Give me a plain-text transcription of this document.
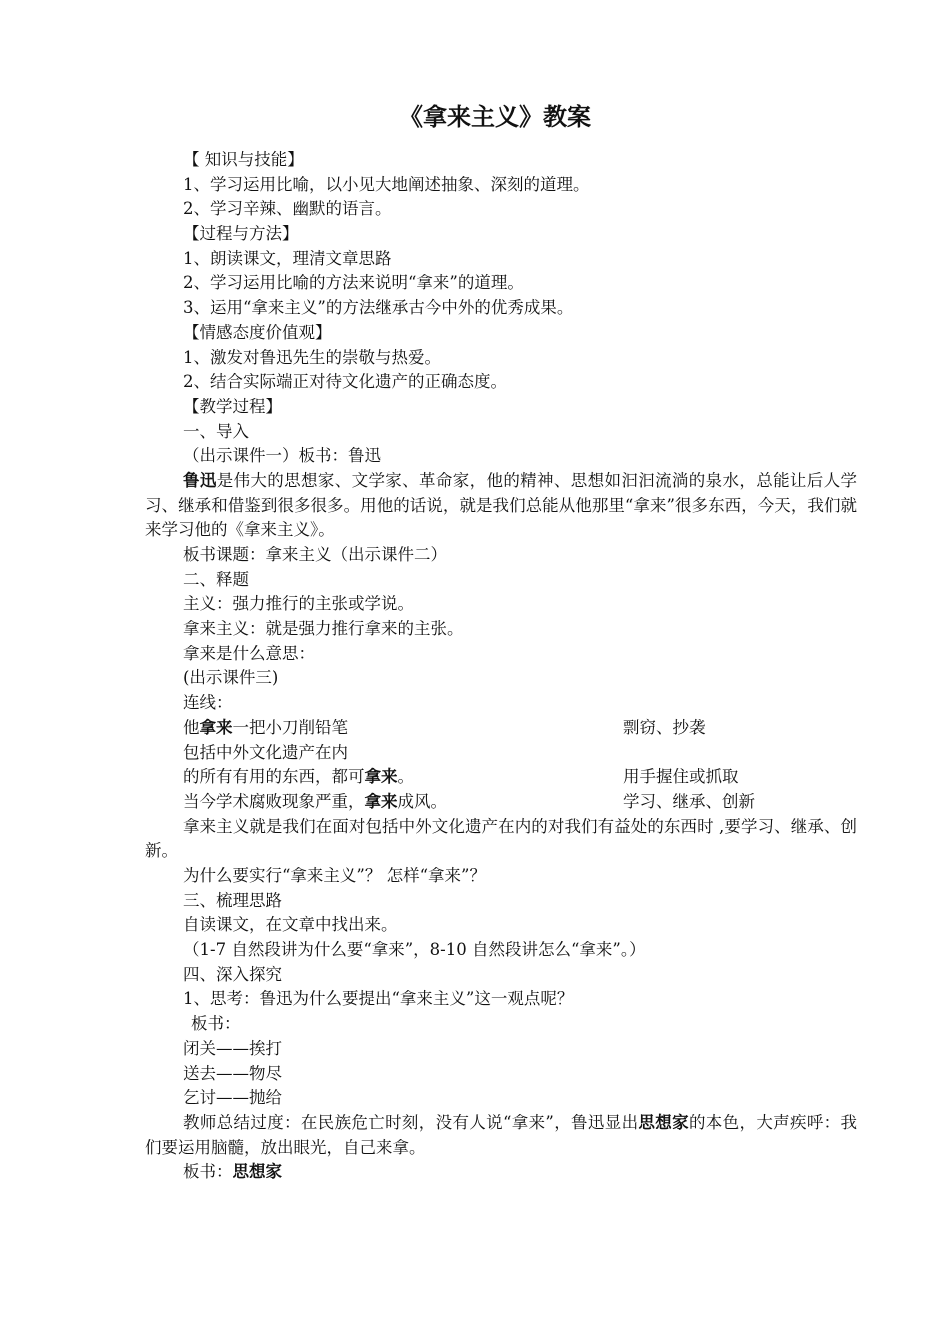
《拿来主义》教案
【 知识与技能】
1、学习运用比喻，以小见大地阐述抽象、深刻的道理。
2、学习辛辣、幽默的语言。
【过程与方法】
1、朗读课文，理清文章思路
2、学习运用比喻的方法来说明“拿来”的道理。
3、运用“拿来主义”的方法继承古今中外的优秀成果。
【情感态度价值观】
1、激发对鲁迅先生的崇敬与热爱。
2、结合实际端正对待文化遗产的正确态度。
【教学过程】
一、导入
（出示课件一）板书：鲁迅
鲁迅是伟大的思想家、文学家、革命家，他的精神、思想如汩汩流淌的泉水，总能让后人学习、继承和借鉴到很多很多。用他的话说，就是我们总能从他那里“拿来”很多东西，今天，我们就来学习他的《拿来主义》。
板书课题：拿来主义（出示课件二）
二、释题
主义：强力推行的主张或学说。
拿来主义：就是强力推行拿来的主张。
拿来是什么意思：
(出示课件三)
连线：
他拿来一把小刀削铅笔	剽窃、抄袭
包括中外文化遗产在内
的所有有用的东西，都可拿来。	用手握住或抓取
当今学术腐败现象严重，拿来成风。	学习、继承、创新
拿来主义就是我们在面对包括中外文化遗产在内的对我们有益处的东西时 ,要学习、继承、创新。
为什么要实行“拿来主义”？ 怎样“拿来”？
三、梳理思路
自读课文，在文章中找出来。
（1-7 自然段讲为什么要“拿来”，8-10 自然段讲怎么“拿来”。）
四、深入探究
1、思考：鲁迅为什么要提出“拿来主义”这一观点呢？
板书：
闭关——挨打
送去——物尽
乞讨——抛给
教师总结过度：在民族危亡时刻，没有人说“拿来”，鲁迅显出思想家的本色，大声疾呼：我们要运用脑髓，放出眼光，自己来拿。
板书：思想家
